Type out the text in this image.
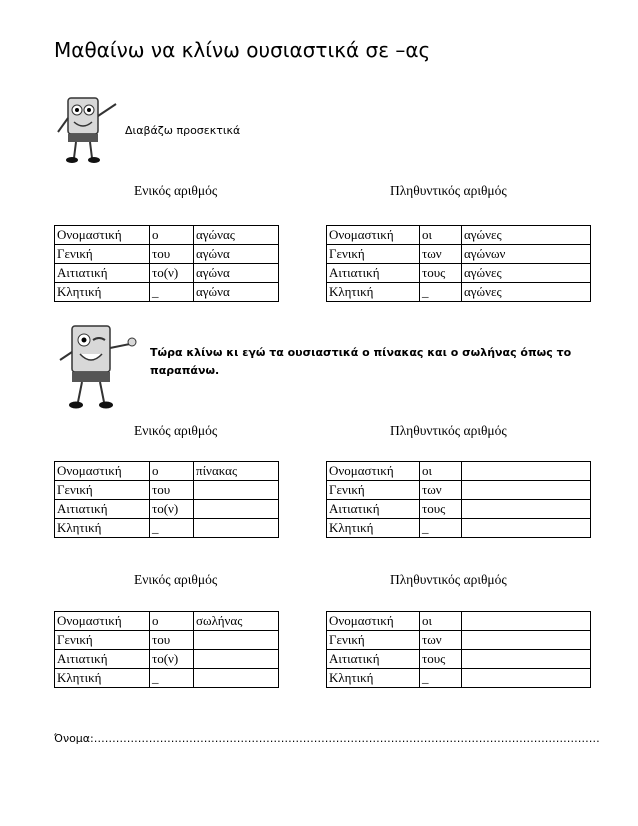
Μαθαίνω να κλίνω ουσιαστικά σε –ας
Διαβάζω προσεκτικά
Ενικός αριθμός	Πληθυντικός αριθμός
Ονομαστική	ο	αγώνας
Γενική	του	αγώνα
Αιτιατική	το(ν)	αγώνα
Κλητική	_	αγώνα
Ονομαστική	οι	αγώνες
Γενική	των	αγώνων
Αιτιατική	τους	αγώνες
Κλητική	_	αγώνες
Τώρα κλίνω κι εγώ τα ουσιαστικά ο πίνακας και ο σωλήνας όπως το
παραπάνω.
Ενικός αριθμός	Πληθυντικός αριθμός
Ονομαστική	ο	πίνακας
Γενική	του	
Αιτιατική	το(ν)	
Κλητική	_	
Ονομαστική	οι	
Γενική	των	
Αιτιατική	τους	
Κλητική	_	
Ενικός αριθμός	Πληθυντικός αριθμός
Ονομαστική	ο	σωλήνας
Γενική	του	
Αιτιατική	το(ν)	
Κλητική	_	
Ονομαστική	οι	
Γενική	των	
Αιτιατική	τους	
Κλητική	_	
Όνομα:…………………………………………………………………………………………………………………………
